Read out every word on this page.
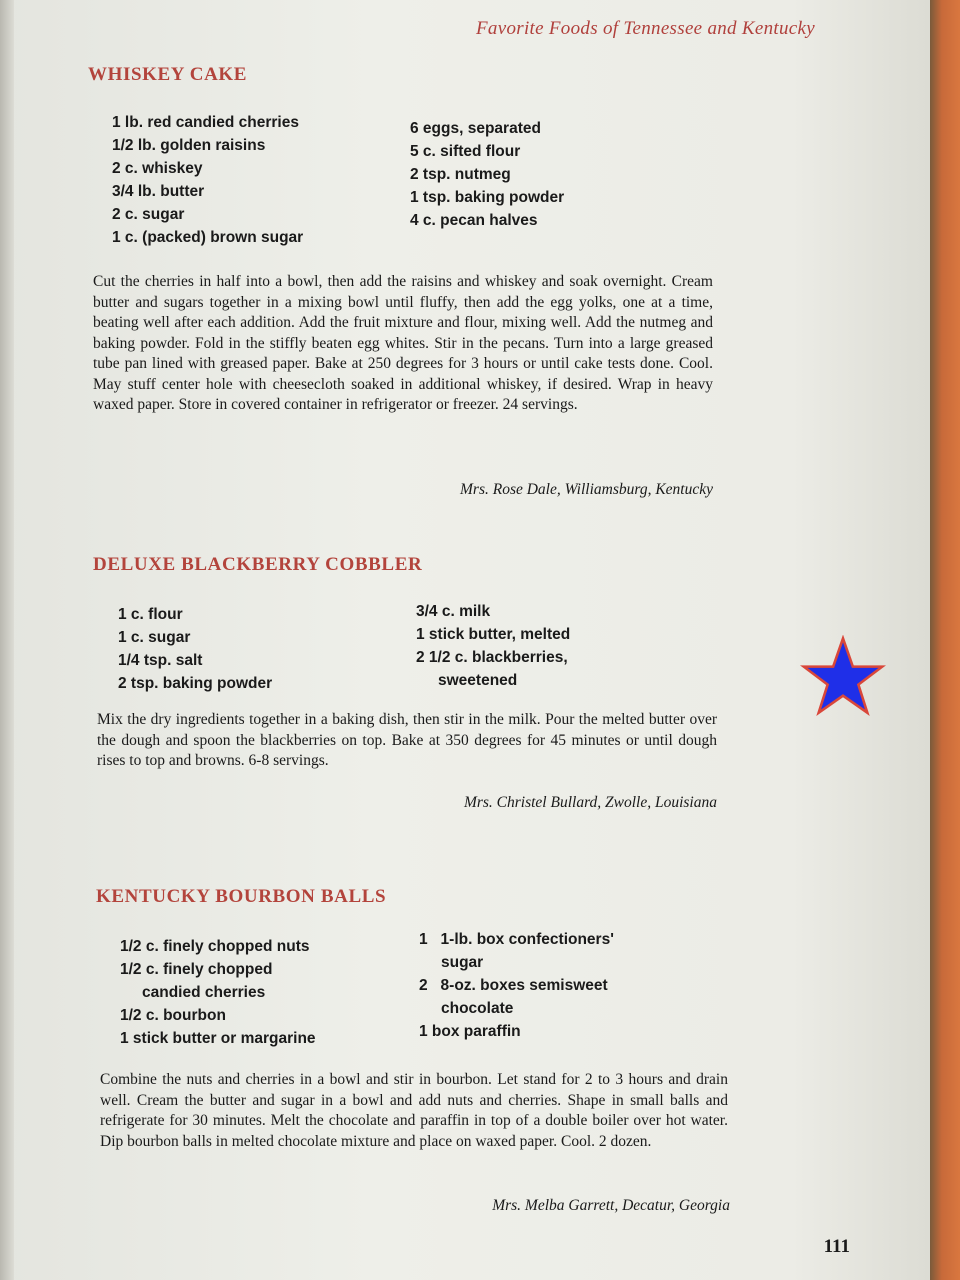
Favorite Foods of Tennessee and Kentucky
WHISKEY CAKE
1 lb. red candied cherries
1/2 lb. golden raisins
2 c. whiskey
3/4 lb. butter
2 c. sugar
1 c. (packed) brown sugar
6 eggs, separated
5 c. sifted flour
2 tsp. nutmeg
1 tsp. baking powder
4 c. pecan halves
Cut the cherries in half into a bowl, then add the raisins and whiskey and soak overnight. Cream butter and sugars together in a mixing bowl until fluffy, then add the egg yolks, one at a time, beating well after each addition. Add the fruit mixture and flour, mixing well. Add the nutmeg and baking powder. Fold in the stiffly beaten egg whites. Stir in the pecans. Turn into a large greased tube pan lined with greased paper. Bake at 250 degrees for 3 hours or until cake tests done. Cool. May stuff center hole with cheesecloth soaked in additional whiskey, if desired. Wrap in heavy waxed paper. Store in covered container in refrigerator or freezer. 24 servings.
Mrs. Rose Dale, Williamsburg, Kentucky
DELUXE BLACKBERRY COBBLER
1 c. flour
1 c. sugar
1/4 tsp. salt
2 tsp. baking powder
3/4 c. milk
1 stick butter, melted
2 1/2 c. blackberries,
sweetened
Mix the dry ingredients together in a baking dish, then stir in the milk. Pour the melted butter over the dough and spoon the blackberries on top. Bake at 350 degrees for 45 minutes or until dough rises to top and browns. 6-8 servings.
Mrs. Christel Bullard, Zwolle, Louisiana
KENTUCKY BOURBON BALLS
1/2 c. finely chopped nuts
1/2 c. finely chopped
candied cherries
1/2 c. bourbon
1 stick butter or margarine
1   1-lb. box confectioners'
sugar
2   8-oz. boxes semisweet
chocolate
1 box paraffin
Combine the nuts and cherries in a bowl and stir in bourbon. Let stand for 2 to 3 hours and drain well. Cream the butter and sugar in a bowl and add nuts and cherries. Shape in small balls and refrigerate for 30 minutes. Melt the chocolate and paraffin in top of a double boiler over hot water. Dip bourbon balls in melted chocolate mixture and place on waxed paper. Cool. 2 dozen.
Mrs. Melba Garrett, Decatur, Georgia
111
